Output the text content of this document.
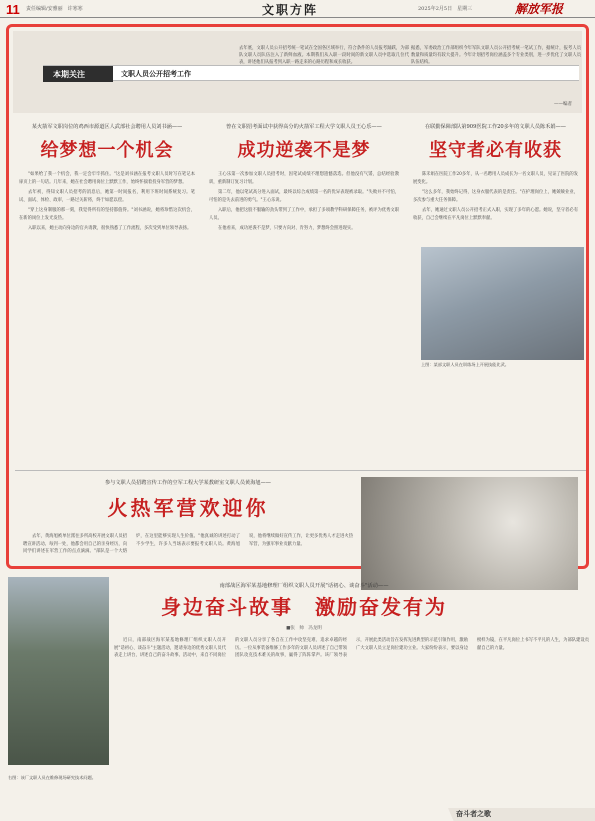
11 责任编辑/安雅丽　许寒寒	文职方阵	2025年2月5日　星期三	解放军报
去年底，文职人员公开招考统一笔试在全国各区域举行，符合条件的人员报考踊跃，为部队文职人员队伍注入了新鲜血液。本期我们从入职一段时间的新文职人员中选取几位代表，讲述他们从报考到入职一路走来的心路历程和成长收获。
据悉，军委政治工作部组织今年军队文职人员公开招考统一笔试工作，据统计，报考人员数量和质量均有较大提升。今年计划招考岗位涵盖多个专业类别，进一步优化了文职人员队伍结构。
本期关注	文职人员公开招考工作
——编者
某火箭军文职岗位的鸡西市源道区人武部社会聘用人员刘书涵——
给梦想一个机会

"如果给了我一个机会，我一定会牢牢抓住。"这是刘书涵在报考文职人员时写在笔记本扉页上的一句话。几年来，她在社会聘用岗位上默默工作，始终怀揣着投身军营的梦想。

去年初，得知文职人员招考的消息后，她第一时间报名，利用下班时间系统复习。笔试、面试、体检、政审，一路过关斩将，终于如愿以偿。

"穿上这身制服的那一刻，我觉得所有的坚持都值得。"刘书涵说，她将珍惜这次机会，在新的岗位上发光发热。

入职以来，她主动向身边的官兵请教，很快熟悉了工作流程，多次受到单位领导表扬。

曾在文职招考面试中获得高分的火箭军工程大学文职人员王心乐——
成功逆袭不是梦

王心乐第一次参加文职人员招考时，因笔试成绩不理想遗憾落选。但他没有气馁，总结经验教训，重新制订复习计划。

第二年，他以笔试高分进入面试，最终以综合成绩第一名的优异表现被录取。"失败并不可怕，可怕的是失去前进的勇气。"王心乐说。

入职后，他把这股不服输的劲头带到了工作中，承担了多项教学科研保障任务，被评为优秀文职人员。

在他看来，成功逆袭不是梦，只要方向对、肯努力，梦想终会照进现实。

在联勤保障部队第909医院工作20多年的文职人员陈禾娟——
坚守者必有收获

陈禾娟在医院工作20多年，从一名聘用人员成长为一名文职人员，见证了医院的发展变化。

"这么多年，我始终记得，这身衣服代表的是责任。"在护理岗位上，她兢兢业业，多次参与重大任务保障。

去年，她通过文职人员公开招考正式入职，实现了多年的心愿。她说，坚守者必有收获，自己会继续在平凡岗位上默默奉献。

上图：某部文职人员在训练场上开展技能比武。
参与文职人员招聘宣传工作的空军工程大学某教研室文职人员黄海旭——
火热军营欢迎你
去年，黄海旭被单位派往多所高校开展文职人员招聘宣讲活动。每到一处，他都会用自己的亲身经历，向同学们讲述在军营工作的点点滴滴。"部队是一个大熔炉，在这里能够实现人生价值。"他真诚的讲述打动了不少学生，许多人当场表示要报考文职人员。黄海旭说，他将继续做好宣传工作，让更多优秀人才走进火热军营，为强军事业贡献力量。
右图：该厂文职人员在维修现场研究技术问题。
南部战区海军某基地修理厂组织文职人员开展"话初心、谈奋斗"活动——
身边奋斗故事　激励奋发有为
■张　帅　冯龙明
近日，南部战区海军某基地修理厂组织文职人员开展"话初心、谈奋斗"主题活动，邀请身边的优秀文职人员代表走上讲台，讲述自己的奋斗故事。活动中，来自不同岗位的文职人员分享了各自在工作中攻坚克难、追求卓越的经历。一位从事装备维修工作多年的文职人员讲述了自己带领团队攻克技术难关的故事，赢得了阵阵掌声。该厂领导表示，开展此类活动旨在发挥先进典型的示范引领作用，激励广大文职人员立足岗位建功立业。大家纷纷表示，要以身边榜样为镜，在平凡岗位上书写不平凡的人生，为部队建设贡献自己的力量。
奋斗者之歌
